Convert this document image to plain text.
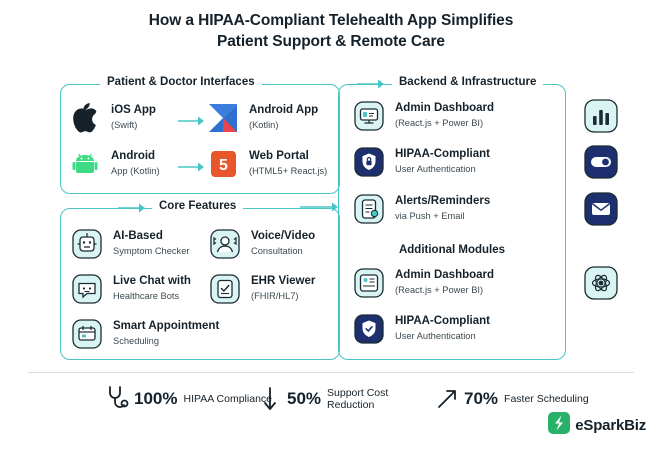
How a HIPAA-Compliant Telehealth App Simplifies
Patient Support & Remote Care
Patient & Doctor Interfaces
iOS App
(Swift)
Android App
(Kotlin)
Android
App (Kotlin)	5
Web Portal
(HTML5+ React.js)
Core Features
AI-Based
Symptom Checker
Voice/Video
Consultation
Live Chat with
Healthcare Bots
EHR Viewer
(FHIR/HL7)
Smart Appointment
Scheduling
Backend & Infrastructure
Admin Dashboard
(React.js + Power BI)
HIPAA-Compliant
User Authentication
Alerts/Reminders
via Push + Email
Additional Modules
Admin Dashboard
(React.js + Power BI)
HIPAA-Compliant
User Authentication
100% HIPAA Compliance 50% Support Cost
Reduction	70% Faster Scheduling
eSparkBiz
